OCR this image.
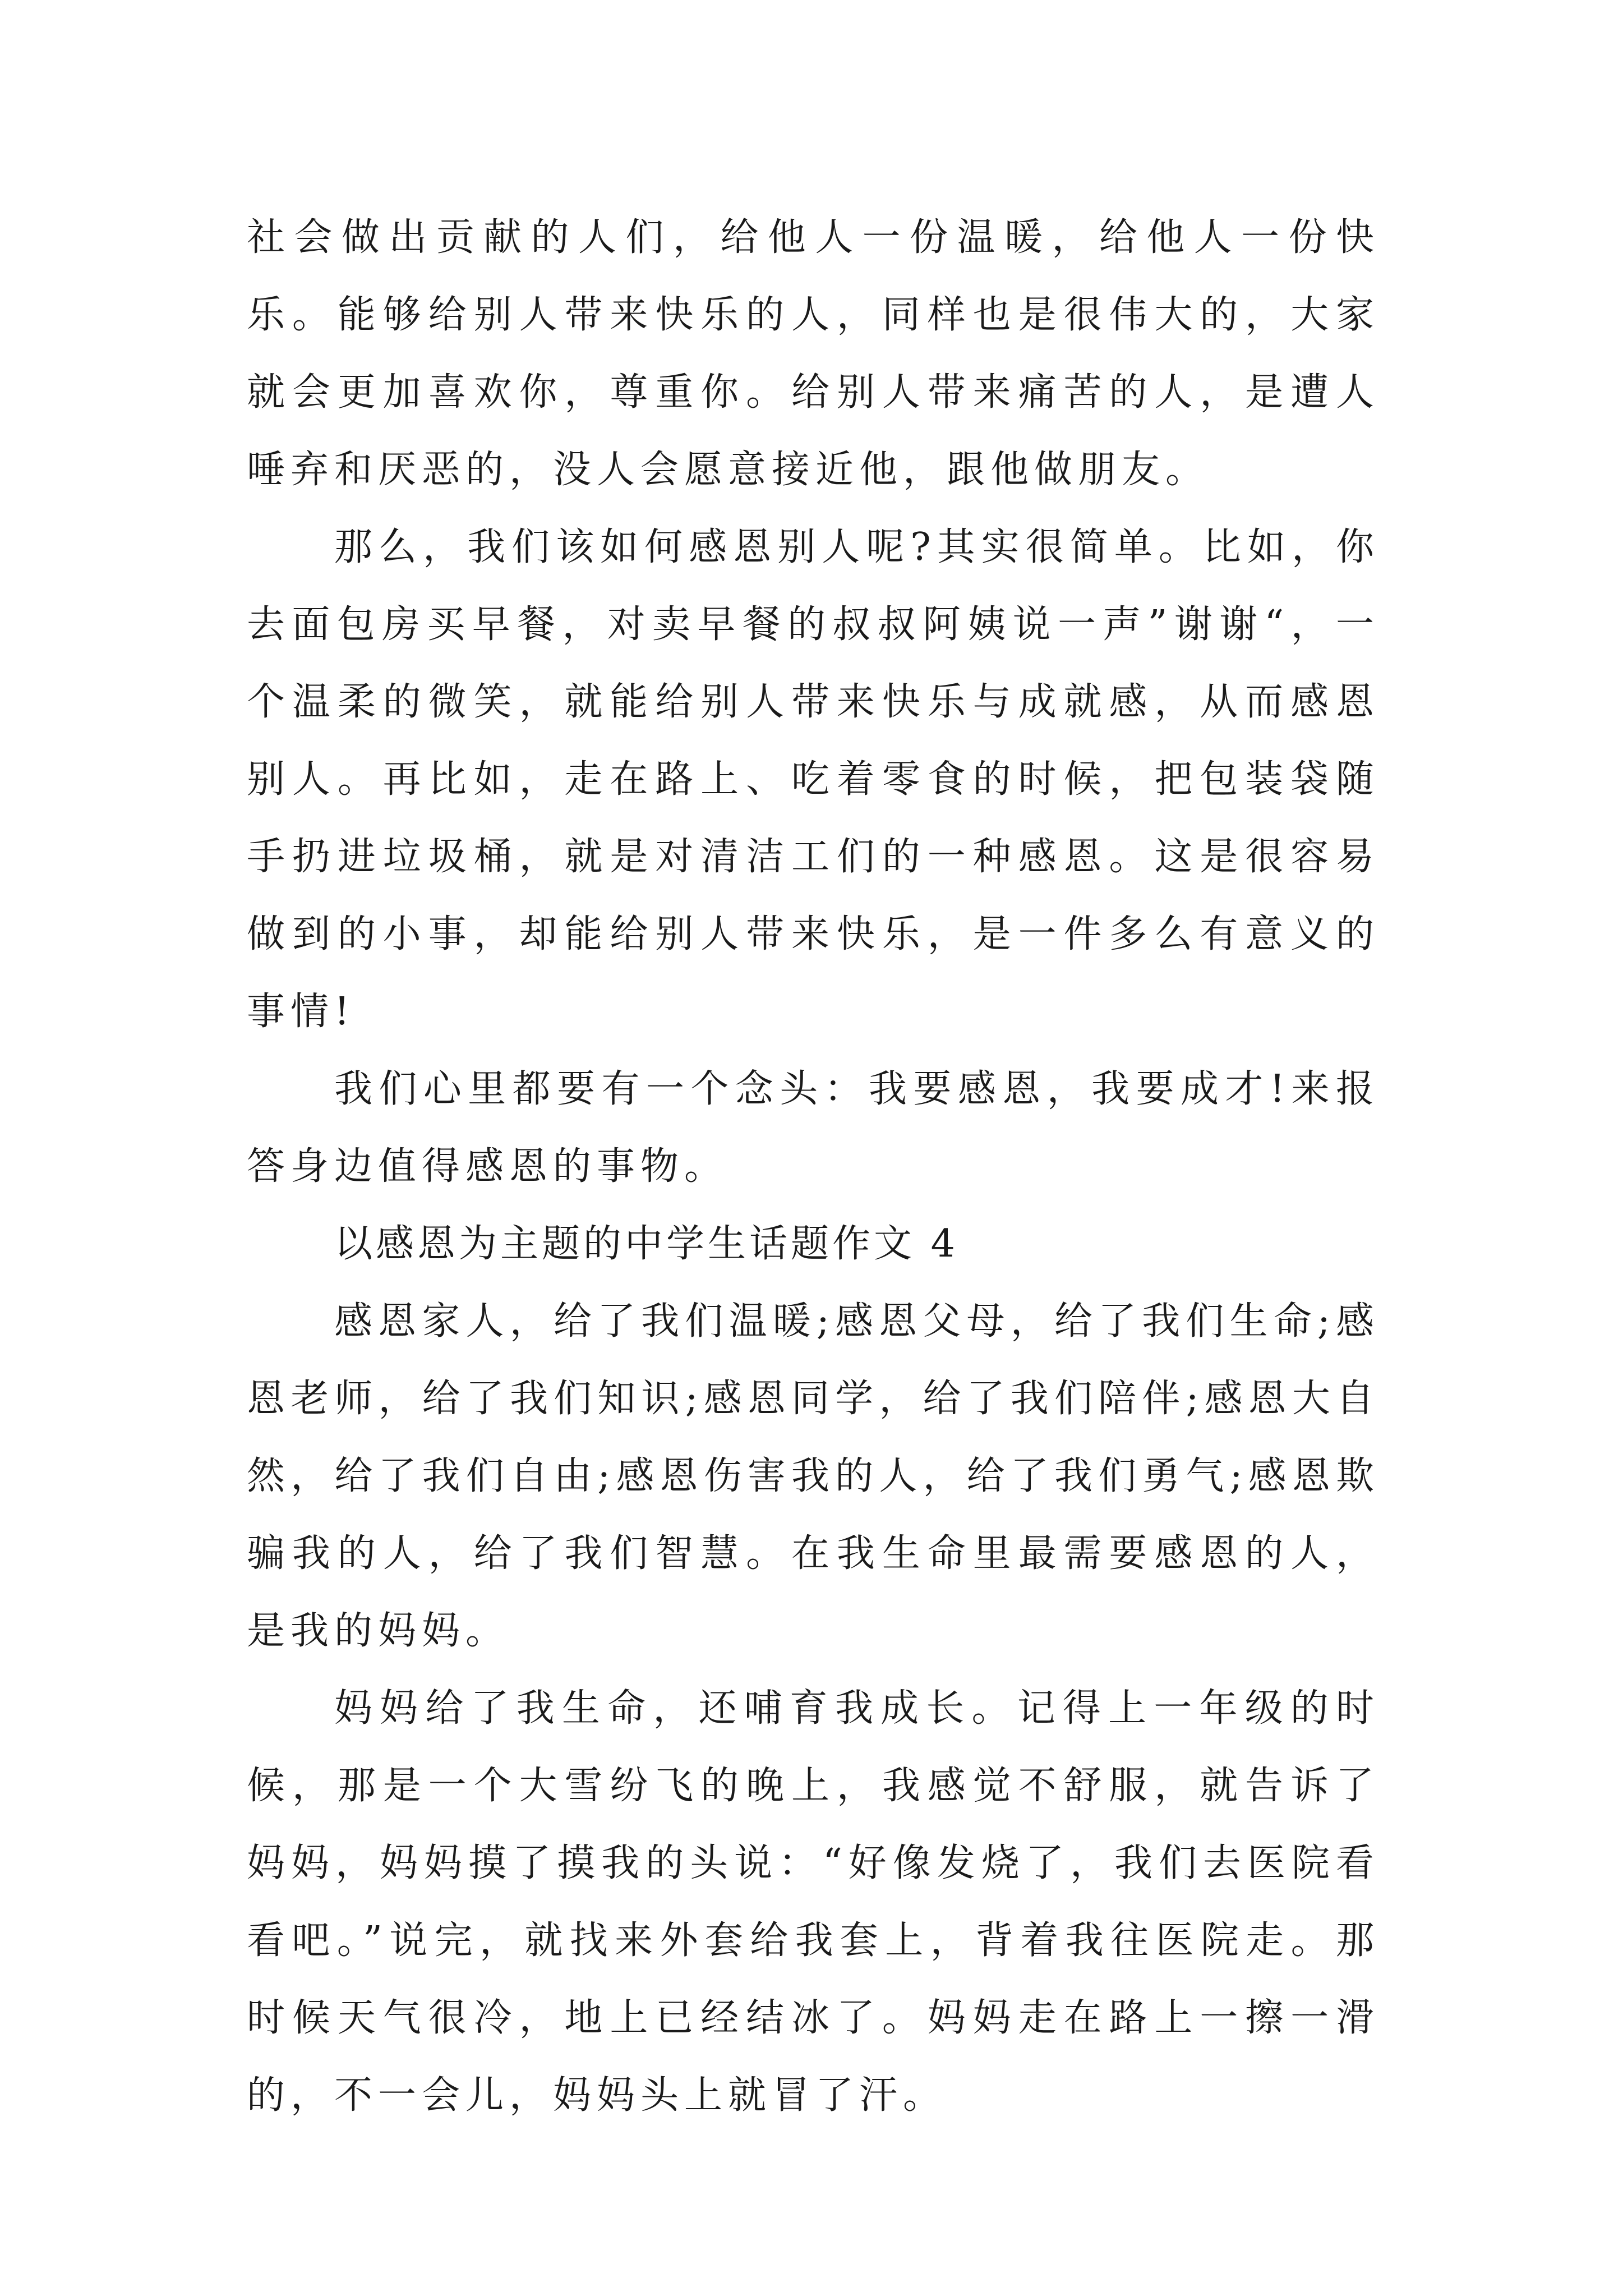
社会做出贡献的人们，给他人一份温暖，给他人一份快乐。能够给别人带来快乐的人，同样也是很伟大的，大家就会更加喜欢你，尊重你。给别人带来痛苦的人，是遭人唾弃和厌恶的，没人会愿意接近他，跟他做朋友。

那么，我们该如何感恩别人呢?其实很简单。比如，你去面包房买早餐，对卖早餐的叔叔阿姨说一声”谢谢“，一个温柔的微笑，就能给别人带来快乐与成就感，从而感恩别人。再比如，走在路上、吃着零食的时候，把包装袋随手扔进垃圾桶，就是对清洁工们的一种感恩。这是很容易做到的小事，却能给别人带来快乐，是一件多么有意义的事情!

我们心里都要有一个念头：我要感恩，我要成才!来报答身边值得感恩的事物。

以感恩为主题的中学生话题作文 4

感恩家人，给了我们温暖;感恩父母，给了我们生命;感恩老师，给了我们知识;感恩同学，给了我们陪伴;感恩大自然，给了我们自由;感恩伤害我的人，给了我们勇气;感恩欺骗我的人，给了我们智慧。在我生命里最需要感恩的人，是我的妈妈。

妈妈给了我生命，还哺育我成长。记得上一年级的时候，那是一个大雪纷飞的晚上，我感觉不舒服，就告诉了妈妈，妈妈摸了摸我的头说：“好像发烧了，我们去医院看看吧。”说完，就找来外套给我套上，背着我往医院走。那时候天气很冷，地上已经结冰了。妈妈走在路上一擦一滑的，不一会儿，妈妈头上就冒了汗。
